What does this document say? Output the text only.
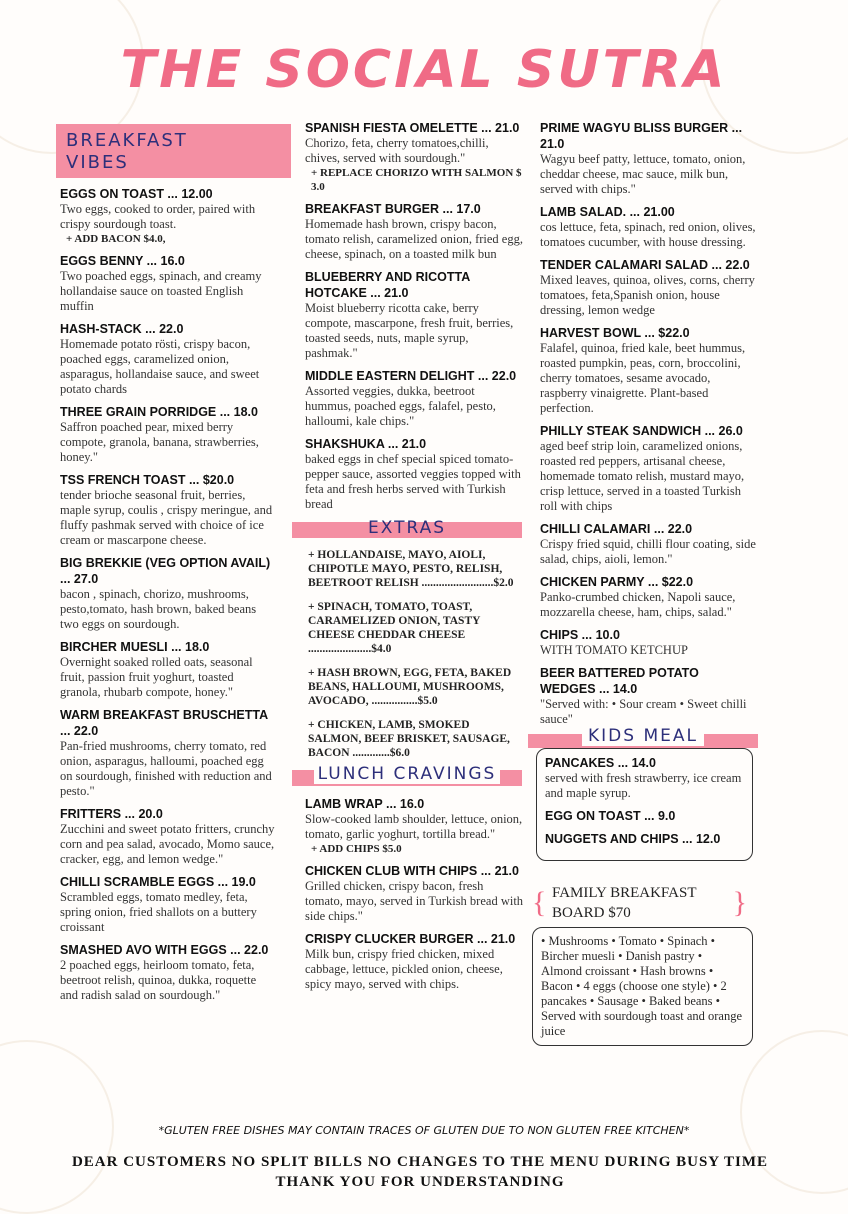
THE SOCIAL SUTRA
BREAKFAST VIBES
EGGS ON TOAST ... 12.00
Two eggs, cooked to order, paired with crispy sourdough toast.
+ ADD BACON $4.0,
EGGS BENNY ... 16.0
Two poached eggs, spinach, and creamy hollandaise sauce on toasted English muffin
HASH-STACK ... 22.0
Homemade potato rösti, crispy bacon, poached eggs, caramelized onion, asparagus, hollandaise sauce, and sweet potato chards
THREE GRAIN PORRIDGE ... 18.0
Saffron poached pear, mixed berry compote, granola, banana, strawberries, honey."
TSS FRENCH TOAST ... $20.0
tender brioche seasonal fruit, berries, maple syrup, coulis , crispy meringue, and fluffy pashmak served with choice of ice cream or mascarpone cheese.
BIG BREKKIE (VEG OPTION AVAIL) ... 27.0
bacon , spinach, chorizo, mushrooms, pesto,tomato, hash brown, baked beans two eggs on sourdough.
BIRCHER MUESLI ... 18.0
Overnight soaked rolled oats, seasonal fruit, passion fruit yoghurt, toasted granola, rhubarb compote, honey."
WARM BREAKFAST BRUSCHETTA ... 22.0
Pan-fried mushrooms, cherry tomato, red onion, asparagus, halloumi, poached egg on sourdough, finished with reduction and pesto."
FRITTERS ... 20.0
Zucchini and sweet potato fritters, crunchy corn and pea salad, avocado, Momo sauce, cracker, egg, and lemon wedge."
CHILLI SCRAMBLE EGGS ... 19.0
Scrambled eggs, tomato medley, feta, spring onion, fried shallots on a buttery croissant
SMASHED AVO WITH EGGS ... 22.0
2 poached eggs, heirloom tomato, feta, beetroot relish, quinoa, dukka, roquette and radish salad on sourdough."
SPANISH FIESTA OMELETTE ... 21.0
Chorizo, feta, cherry tomatoes,chilli, chives, served with sourdough."
+ REPLACE CHORIZO WITH SALMON $ 3.0
BREAKFAST BURGER ... 17.0
Homemade hash brown, crispy bacon, tomato relish, caramelized onion, fried egg, cheese, spinach, on a toasted milk bun
BLUEBERRY AND RICOTTA HOTCAKE ... 21.0
Moist blueberry ricotta cake, berry compote, mascarpone, fresh fruit, berries, toasted seeds, nuts, maple syrup, pashmak."
MIDDLE EASTERN DELIGHT ... 22.0
Assorted veggies, dukka, beetroot hummus, poached eggs, falafel, pesto, halloumi, kale chips."
SHAKSHUKA ... 21.0
baked eggs in chef special spiced tomato-pepper sauce, assorted veggies topped with feta and fresh herbs served with Turkish bread
EXTRAS
+ HOLLANDAISE, MAYO, AIOLI, CHIPOTLE MAYO, PESTO, RELISH, BEETROOT RELISH .........................$2.0
+ SPINACH, TOMATO, TOAST, CARAMELIZED ONION, TASTY CHEESE CHEDDAR CHEESE ......................$4.0
+ HASH BROWN, EGG, FETA, BAKED BEANS, HALLOUMI, MUSHROOMS, AVOCADO, ................$5.0
+ CHICKEN, LAMB, SMOKED SALMON, BEEF BRISKET, SAUSAGE, BACON .............$6.0
LUNCH CRAVINGS
LAMB WRAP ... 16.0
Slow-cooked lamb shoulder, lettuce, onion, tomato, garlic yoghurt, tortilla bread."
+ ADD CHIPS $5.0
CHICKEN CLUB WITH CHIPS ... 21.0
Grilled chicken, crispy bacon, fresh tomato, mayo, served in Turkish bread with side chips."
CRISPY CLUCKER BURGER ... 21.0
Milk bun, crispy fried chicken, mixed cabbage, lettuce, pickled onion, cheese, spicy mayo, served with chips.
PRIME WAGYU BLISS BURGER ... 21.0
Wagyu beef patty, lettuce, tomato, onion, cheddar cheese, mac sauce, milk bun, served with chips."
LAMB SALAD. ... 21.00
cos lettuce, feta, spinach, red onion, olives, tomatoes cucumber, with house dressing.
TENDER CALAMARI SALAD ... 22.0
Mixed leaves, quinoa, olives, corns, cherry tomatoes, feta,Spanish onion, house dressing, lemon wedge
HARVEST BOWL ... $22.0
Falafel, quinoa, fried kale, beet hummus, roasted pumpkin, peas, corn, broccolini, cherry tomatoes, sesame avocado, raspberry vinaigrette. Plant-based perfection.
PHILLY STEAK SANDWICH ... 26.0
aged beef strip loin, caramelized onions, roasted red peppers, artisanal cheese, homemade tomato relish, mustard mayo, crisp lettuce, served in a toasted Turkish roll with chips
CHILLI CALAMARI ... 22.0
Crispy fried squid, chilli flour coating, side salad, chips, aioli, lemon."
CHICKEN PARMY ... $22.0
Panko-crumbed chicken, Napoli sauce, mozzarella cheese, ham, chips, salad."
CHIPS ... 10.0
WITH TOMATO KETCHUP
BEER BATTERED POTATO WEDGES ... 14.0
"Served with: • Sour cream • Sweet chilli sauce"
KIDS MEAL
PANCAKES ... 14.0
served with fresh strawberry, ice cream and maple syrup.
EGG ON TOAST ... 9.0
NUGGETS AND CHIPS ... 12.0
{ FAMILY BREAKFAST BOARD $70	}
• Mushrooms • Tomato • Spinach • Bircher muesli • Danish pastry • Almond croissant • Hash browns • Bacon • 4 eggs (choose one style) • 2 pancakes • Sausage • Baked beans • Served with sourdough toast and orange juice
*GLUTEN FREE DISHES MAY CONTAIN TRACES OF GLUTEN DUE TO NON GLUTEN FREE KITCHEN*
DEAR CUSTOMERS NO SPLIT BILLS NO CHANGES TO THE MENU DURING BUSY TIME THANK YOU FOR UNDERSTANDING
